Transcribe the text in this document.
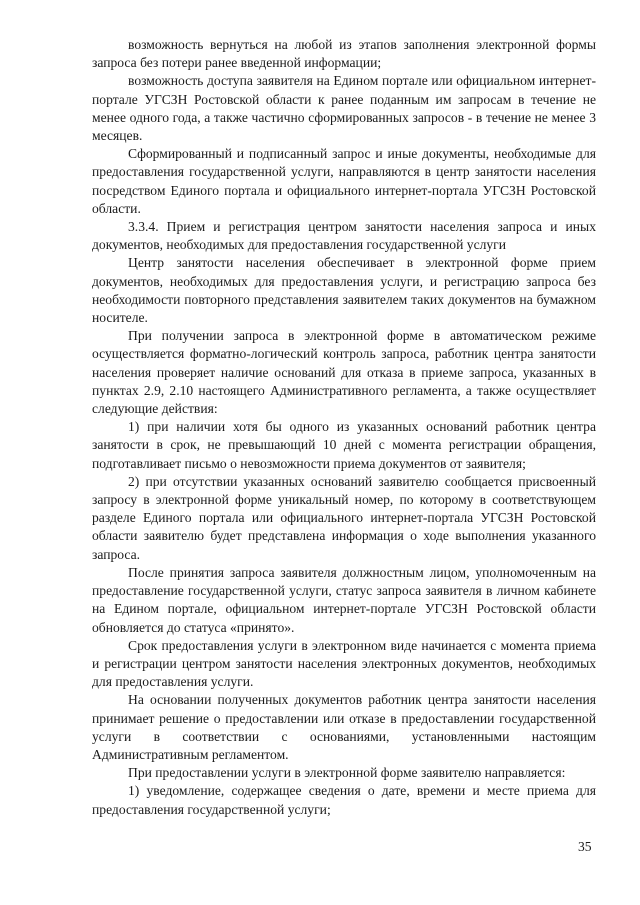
возможность вернуться на любой из этапов заполнения электронной формы запроса без потери ранее введенной информации;

возможность доступа заявителя на Едином портале или официальном интернет-портале УГСЗН Ростовской области к ранее поданным им запросам в течение не менее одного года, а также частично сформированных запросов - в течение не менее 3 месяцев.

Сформированный и подписанный запрос и иные документы, необходимые для предоставления государственной услуги, направляются в центр занятости населения посредством Единого портала и официального интернет-портала УГСЗН Ростовской области.

3.3.4. Прием и регистрация центром занятости населения запроса и иных документов, необходимых для предоставления государственной услуги

Центр занятости населения обеспечивает в электронной форме прием документов, необходимых для предоставления услуги, и регистрацию запроса без необходимости повторного представления заявителем таких документов на бумажном носителе.

При получении запроса в электронной форме в автоматическом режиме осуществляется форматно-логический контроль запроса, работник центра занятости населения проверяет наличие оснований для отказа в приеме запроса, указанных в пунктах 2.9, 2.10 настоящего Административного регламента, а также осуществляет следующие действия:

1) при наличии хотя бы одного из указанных оснований работник центра занятости в срок, не превышающий 10 дней с момента регистрации обращения, подготавливает письмо о невозможности приема документов от заявителя;

2) при отсутствии указанных оснований заявителю сообщается присвоенный запросу в электронной форме уникальный номер, по которому в соответствующем разделе Единого портала или официального интернет-портала УГСЗН Ростовской области заявителю будет представлена информация о ходе выполнения указанного запроса.

После принятия запроса заявителя должностным лицом, уполномоченным на предоставление государственной услуги, статус запроса заявителя в личном кабинете на Едином портале, официальном интернет-портале УГСЗН Ростовской области обновляется до статуса «принято».

Срок предоставления услуги в электронном виде начинается с момента приема и регистрации центром занятости населения электронных документов, необходимых для предоставления услуги.

На основании полученных документов работник центра занятости населения принимает решение о предоставлении или отказе в предоставлении государственной услуги в соответствии с основаниями, установленными настоящим Административным регламентом.

При предоставлении услуги в электронной форме заявителю направляется:

1) уведомление, содержащее сведения о дате, времени и месте приема для предоставления государственной услуги;

35
